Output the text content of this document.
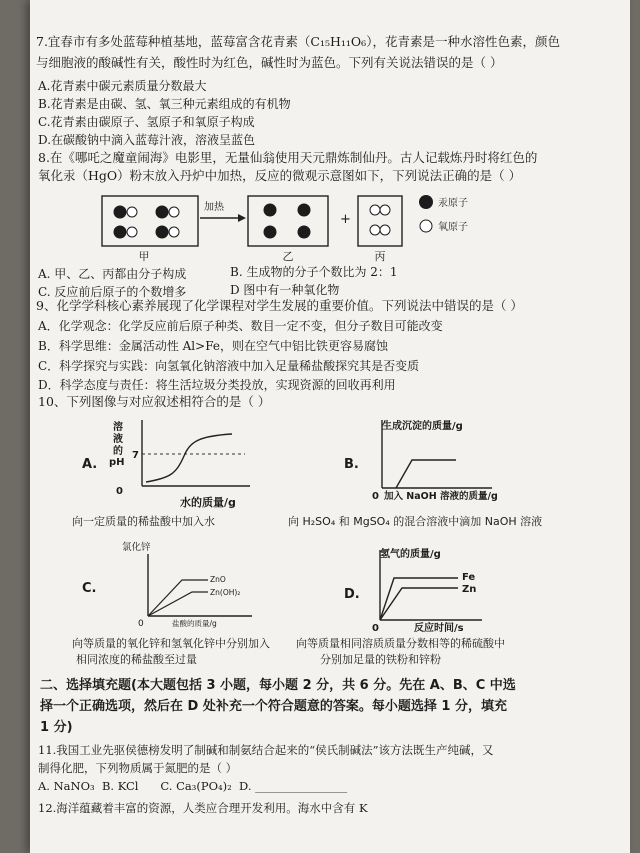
7.宜春市有多处蓝莓种植基地，蓝莓富含花青素（C₁₅H₁₁O₆），花青素是一种水溶性色素，颜色
与细胞液的酸碱性有关，酸性时为红色，碱性时为蓝色。下列有关说法错误的是（ ）
A.花青素中碳元素质量分数最大
B.花青素是由碳、氢、氧三种元素组成的有机物
C.花青素由碳原子、氢原子和氧原子构成
D.在碳酸钠中滴入蓝莓汁液，溶液呈蓝色
8.在《哪吒之魔童闹海》电影里，无量仙翁使用天元鼎炼制仙丹。古人记载炼丹时将红色的
氧化汞（HgO）粉末放入丹炉中加热，反应的微观示意图如下，下列说法正确的是（ ）
甲
加热
乙
+
丙
汞原子
氧原子
A. 甲、乙、丙都由分子构成	B. 生成物的分子个数比为 2：1
C. 反应前后原子的个数增多	D 图中有一种氧化物
9、化学学科核心素养展现了化学课程对学生发展的重要价值。下列说法中错误的是（ ）
A．化学观念：化学反应前后原子种类、数目一定不变，但分子数目可能改变
B．科学思维：金属活动性 Al>Fe，则在空气中铝比铁更容易腐蚀
C．科学探究与实践：向氢氧化钠溶液中加入足量稀盐酸探究其是否变质
D．科学态度与责任：将生活垃圾分类投放，实现资源的回收再利用
10、下列图像与对应叙述相符合的是（ ）
A.
溶
液
的
pH
7
0
水的质量/g
向一定质量的稀盐酸中加入水
B.
生成沉淀的质量/g
0 加入 NaOH 溶液的质量/g
向 H₂SO₄ 和 MgSO₄ 的混合溶液中滴加 NaOH 溶液
C.
氯化锌
ZnO
Zn(OH)₂
0	盐酸的质量/g
向等质量的氧化锌和氢氧化锌中分别加入
相同浓度的稀盐酸至过量
D.
氢气的质量/g
Fe
Zn
0	反应时间/s
向等质量相同溶质质量分数相等的稀硫酸中
分别加足量的铁粉和锌粉
二、选择填充题(本大题包括 3 小题，每小题 2 分，共 6 分。先在 A、B、C 中选
择一个正确选项，然后在 D 处补充一个符合题意的答案。每小题选择 1 分，填充
1 分)
11.我国工业先驱侯德榜发明了制碱和制氨结合起来的“侯氏制碱法”该方法既生产纯碱，又
制得化肥，下列物质属于氮肥的是（ ）
A. NaNO₃  B. KCl      C. Ca₃(PO₄)₂  D. ________________
12.海洋蕴藏着丰富的资源，人类应合理开发利用。海水中含有 K
